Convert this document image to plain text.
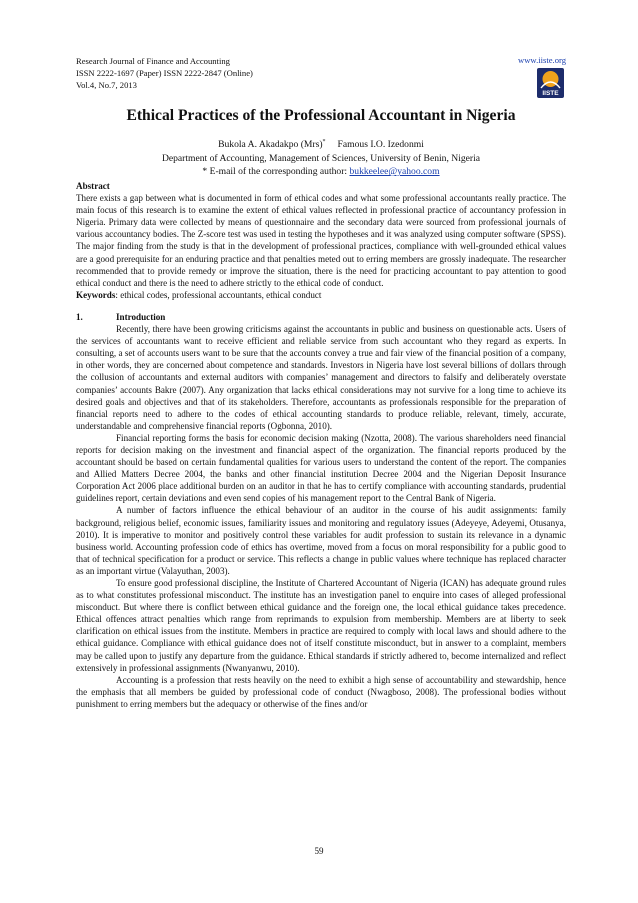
Research Journal of Finance and Accounting
ISSN 2222-1697 (Paper) ISSN 2222-2847 (Online)
Vol.4, No.7, 2013
www.iiste.org
IISTE
Ethical Practices of the Professional Accountant in Nigeria
Bukola A. Akadakpo (Mrs)* Famous I.O. Izedonmi
Department of Accounting, Management of Sciences, University of Benin, Nigeria
* E-mail of the corresponding author: bukkeelee@yahoo.com

Abstract

There exists a gap between what is documented in form of ethical codes and what some professional accountants really practice. The main focus of this research is to examine the extent of ethical values reflected in professional practice of accountancy profession in Nigeria. Primary data were collected by means of questionnaire and the secondary data were sourced from professional journals of various accountancy bodies. The Z-score test was used in testing the hypotheses and it was analyzed using computer software (SPSS). The major finding from the study is that in the development of professional practices, compliance with well-grounded ethical values are a good prerequisite for an enduring practice and that penalties meted out to erring members are grossly inadequate. The researcher recommended that to provide remedy or improve the situation, there is the need for practicing accountant to pay attention to good ethical conduct and there is the need to adhere strictly to the ethical code of conduct.

Keywords: ethical codes, professional accountants, ethical conduct

1.	Introduction

Recently, there have been growing criticisms against the accountants in public and business on questionable acts. Users of the services of accountants want to receive efficient and reliable service from such accountant who they regard as experts. In consulting, a set of accounts users want to be sure that the accounts convey a true and fair view of the financial position of a company, in other words, they are concerned about competence and standards. Investors in Nigeria have lost several billions of dollars through the collusion of accountants and external auditors with companies’ management and directors to falsify and deliberately overstate companies’ accounts Bakre (2007). Any organization that lacks ethical considerations may not survive for a long time to achieve its desired goals and objectives and that of its stakeholders. Therefore, accountants as professionals responsible for the preparation of financial reports need to adhere to the codes of ethical accounting standards to produce reliable, relevant, timely, accurate, understandable and comprehensive financial reports (Ogbonna, 2010).

Financial reporting forms the basis for economic decision making (Nzotta, 2008). The various shareholders need financial reports for decision making on the investment and financial aspect of the organization. The financial reports produced by the accountant should be based on certain fundamental qualities for various users to understand the content of the report. The companies and Allied Matters Decree 2004, the banks and other financial institution Decree 2004 and the Nigerian Deposit Insurance Corporation Act 2006 place additional burden on an auditor in that he has to certify compliance with accounting standards, prudential guidelines report, certain deviations and even send copies of his management report to the Central Bank of Nigeria.

A number of factors influence the ethical behaviour of an auditor in the course of his audit assignments: family background, religious belief, economic issues, familiarity issues and monitoring and regulatory issues (Adeyeye, Adeyemi, Otusanya, 2010). It is imperative to monitor and positively control these variables for audit profession to sustain its relevance in a dynamic business world. Accounting profession code of ethics has overtime, moved from a focus on moral responsibility for a public good to that of technical specification for a product or service. This reflects a change in public values where technique has replaced character as an important virtue (Valayuthan, 2003).

To ensure good professional discipline, the Institute of Chartered Accountant of Nigeria (ICAN) has adequate ground rules as to what constitutes professional misconduct. The institute has an investigation panel to enquire into cases of alleged professional misconduct. But where there is conflict between ethical guidance and the foreign one, the local ethical guidance takes precedence. Ethical offences attract penalties which range from reprimands to expulsion from membership. Members are at liberty to seek clarification on ethical issues from the institute. Members in practice are required to comply with local laws and should adhere to the ethical guidance. Compliance with ethical guidance does not of itself constitute misconduct, but in answer to a complaint, members may be called upon to justify any departure from the guidance. Ethical standards if strictly adhered to, become internalized and reflect extensively in professional assignments (Nwanyanwu, 2010).

Accounting is a profession that rests heavily on the need to exhibit a high sense of accountability and stewardship, hence the emphasis that all members be guided by professional code of conduct (Nwagboso, 2008). The professional bodies without punishment to erring members but the adequacy or otherwise of the fines and/or

59
